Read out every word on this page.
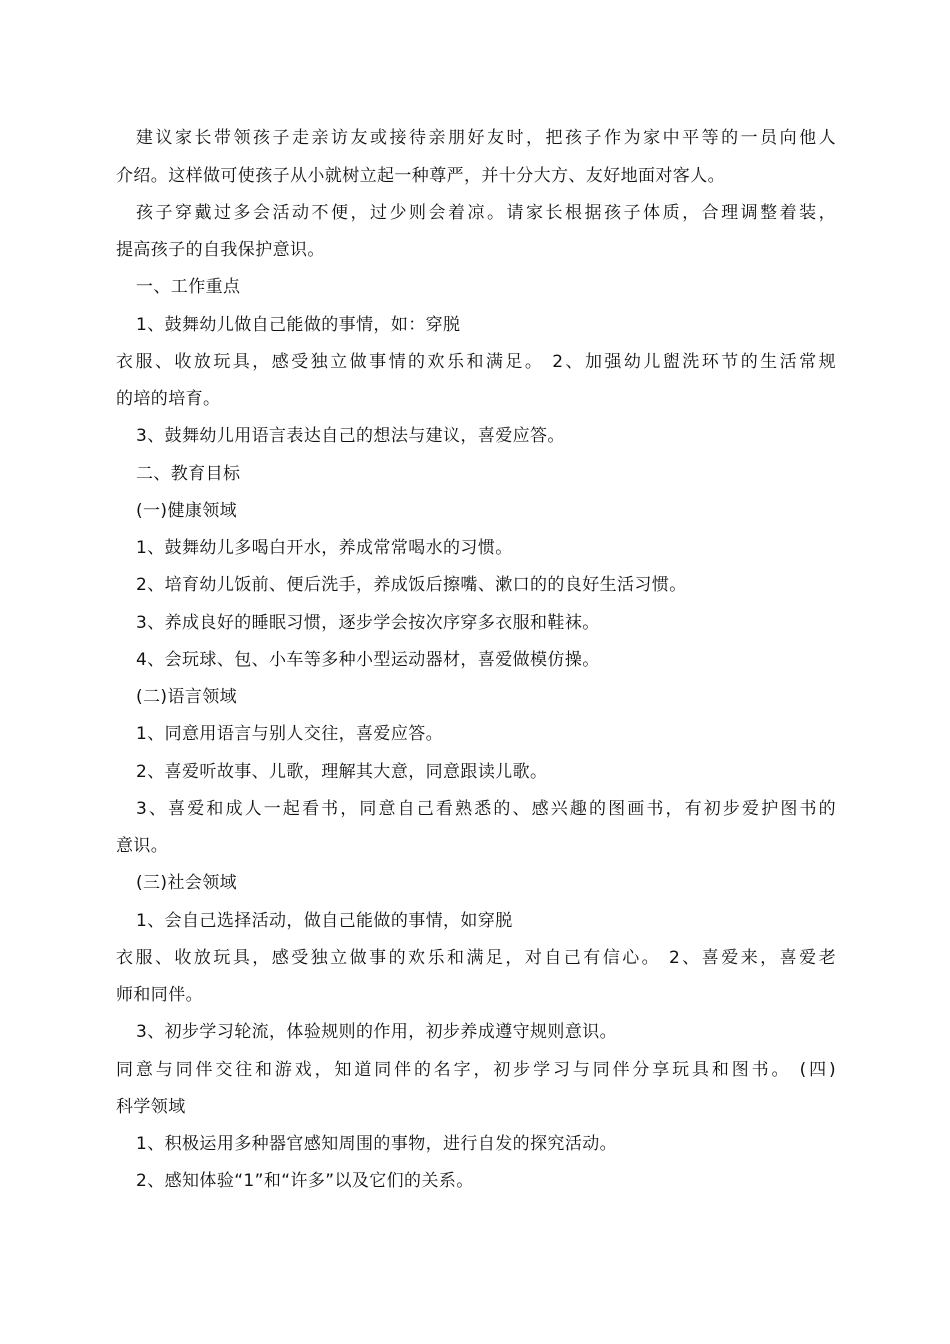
建议家长带领孩子走亲访友或接待亲朋好友时，把孩子作为家中平等的一员向他人
介绍。这样做可使孩子从小就树立起一种尊严，并十分大方、友好地面对客人。
孩子穿戴过多会活动不便，过少则会着凉。请家长根据孩子体质，合理调整着装，
提高孩子的自我保护意识。
一、工作重点
1、鼓舞幼儿做自己能做的事情，如：穿脱
衣服、收放玩具，感受独立做事情的欢乐和满足。 2、加强幼儿盥洗环节的生活常规
的培的培育。
3、鼓舞幼儿用语言表达自己的想法与建议，喜爱应答。
二、教育目标
(一)健康领域
1、鼓舞幼儿多喝白开水，养成常常喝水的习惯。
2、培育幼儿饭前、便后洗手，养成饭后擦嘴、漱口的的良好生活习惯。
3、养成良好的睡眠习惯，逐步学会按次序穿多衣服和鞋袜。
4、会玩球、包、小车等多种小型运动器材，喜爱做模仿操。
(二)语言领域
1、同意用语言与别人交往，喜爱应答。
2、喜爱听故事、儿歌，理解其大意，同意跟读儿歌。
3、喜爱和成人一起看书，同意自己看熟悉的、感兴趣的图画书，有初步爱护图书的
意识。
(三)社会领域
1、会自己选择活动，做自己能做的事情，如穿脱
衣服、收放玩具，感受独立做事的欢乐和满足，对自己有信心。 2、喜爱来，喜爱老
师和同伴。
3、初步学习轮流，体验规则的作用，初步养成遵守规则意识。
同意与同伴交往和游戏，知道同伴的名字，初步学习与同伴分享玩具和图书。 (四)
科学领域
1、积极运用多种器官感知周围的事物，进行自发的探究活动。
2、感知体验“1”和“许多”以及它们的关系。
